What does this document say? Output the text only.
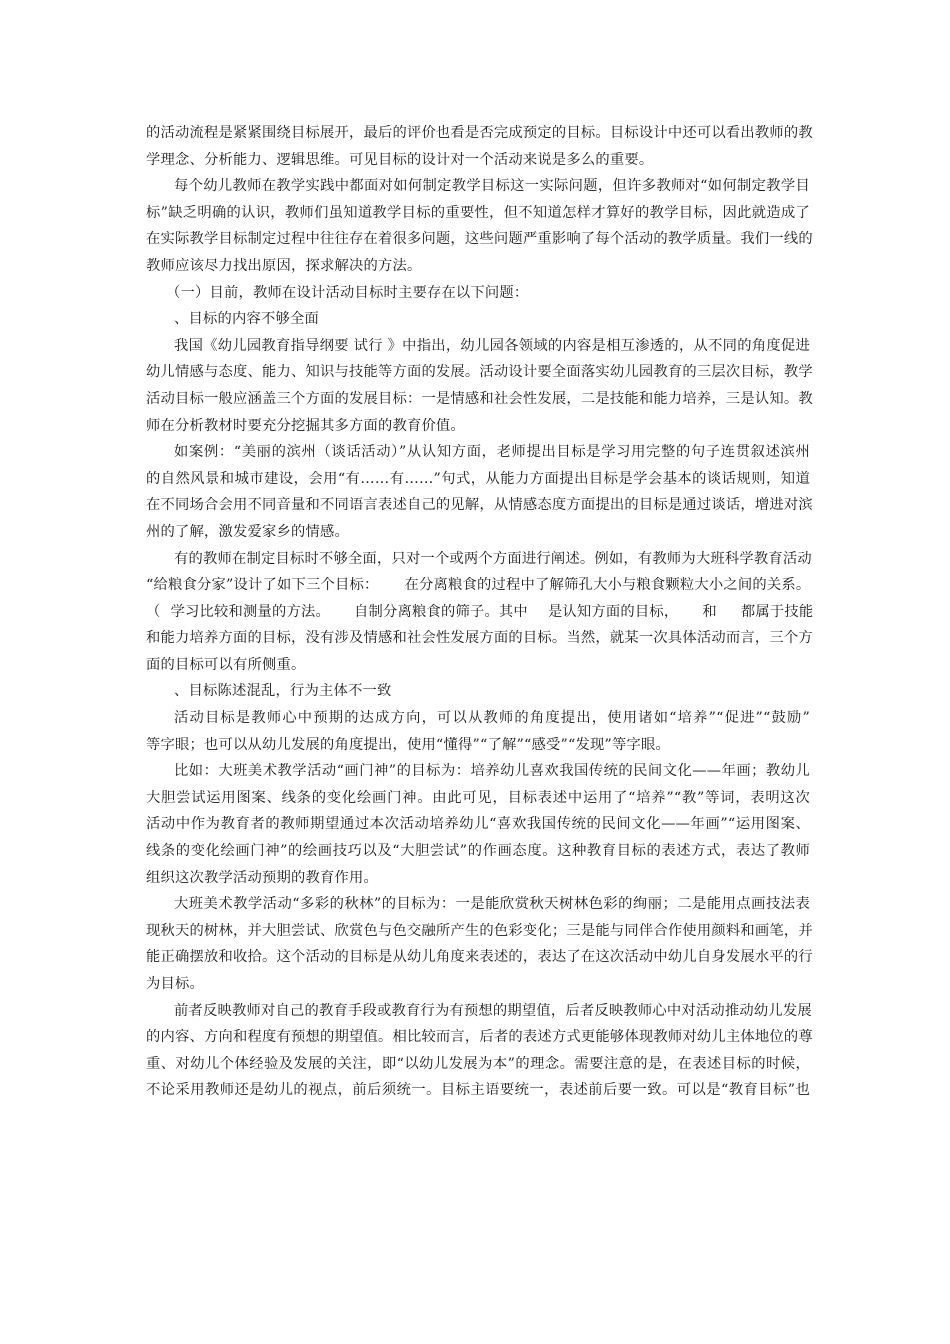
的活动流程是紧紧围绕目标展开，最后的评价也看是否完成预定的目标。目标设计中还可以看出教师的教
学理念、分析能力、逻辑思维。可见目标的设计对一个活动来说是多么的重要。
每个幼儿教师在教学实践中都面对如何制定教学目标这一实际问题，但许多教师对“如何制定教学目
标”缺乏明确的认识，教师们虽知道教学目标的重要性，但不知道怎样才算好的教学目标，因此就造成了
在实际教学目标制定过程中往往存在着很多问题，这些问题严重影响了每个活动的教学质量。我们一线的
教师应该尽力找出原因，探求解决的方法。
（一）目前，教师在设计活动目标时主要存在以下问题：
、目标的内容不够全面
我国《幼儿园教育指导纲要 试行 》中指出，幼儿园各领域的内容是相互渗透的，从不同的角度促进
幼儿情感与态度、能力、知识与技能等方面的发展。活动设计要全面落实幼儿园教育的三层次目标，教学
活动目标一般应涵盖三个方面的发展目标：一是情感和社会性发展，二是技能和能力培养，三是认知。教
师在分析教材时要充分挖掘其多方面的教育价值。
如案例：“美丽的滨州（谈话活动）”从认知方面，老师提出目标是学习用完整的句子连贯叙述滨州
的自然风景和城市建设，会用“有……有……”句式，从能力方面提出目标是学会基本的谈话规则，知道
在不同场合会用不同音量和不同语言表述自己的见解，从情感态度方面提出的目标是通过谈话，增进对滨
州的了解，激发爱家乡的情感。
有的教师在制定目标时不够全面，只对一个或两个方面进行阐述。例如，有教师为大班科学教育活动
“给粮食分家”设计了如下三个目标： 在分离粮食的过程中了解筛孔大小与粮食颗粒大小之间的关系。
（ 学习比较和测量的方法。 自制分离粮食的筛子。其中 是认知方面的目标， 和 都属于技能
和能力培养方面的目标，没有涉及情感和社会性发展方面的目标。当然，就某一次具体活动而言，三个方
面的目标可以有所侧重。
、目标陈述混乱，行为主体不一致
活动目标是教师心中预期的达成方向，可以从教师的角度提出，使用诸如“培养”“促进”“鼓励”
等字眼；也可以从幼儿发展的角度提出，使用“懂得”“了解”“感受”“发现”等字眼。
比如：大班美术教学活动“画门神”的目标为：培养幼儿喜欢我国传统的民间文化——年画；教幼儿
大胆尝试运用图案、线条的变化绘画门神。由此可见，目标表述中运用了“培养”“教”等词，表明这次
活动中作为教育者的教师期望通过本次活动培养幼儿“喜欢我国传统的民间文化——年画”“运用图案、
线条的变化绘画门神”的绘画技巧以及“大胆尝试”的作画态度。这种教育目标的表述方式，表达了教师
组织这次教学活动预期的教育作用。
大班美术教学活动“多彩的秋林”的目标为：一是能欣赏秋天树林色彩的绚丽；二是能用点画技法表
现秋天的树林，并大胆尝试、欣赏色与色交融所产生的色彩变化；三是能与同伴合作使用颜料和画笔，并
能正确摆放和收拾。这个活动的目标是从幼儿角度来表述的，表达了在这次活动中幼儿自身发展水平的行
为目标。
前者反映教师对自己的教育手段或教育行为有预想的期望值，后者反映教师心中对活动推动幼儿发展
的内容、方向和程度有预想的期望值。相比较而言，后者的表述方式更能够体现教师对幼儿主体地位的尊
重、对幼儿个体经验及发展的关注，即“以幼儿发展为本”的理念。需要注意的是，在表述目标的时候，
不论采用教师还是幼儿的视点，前后须统一。目标主语要统一，表述前后要一致。可以是“教育目标”也
